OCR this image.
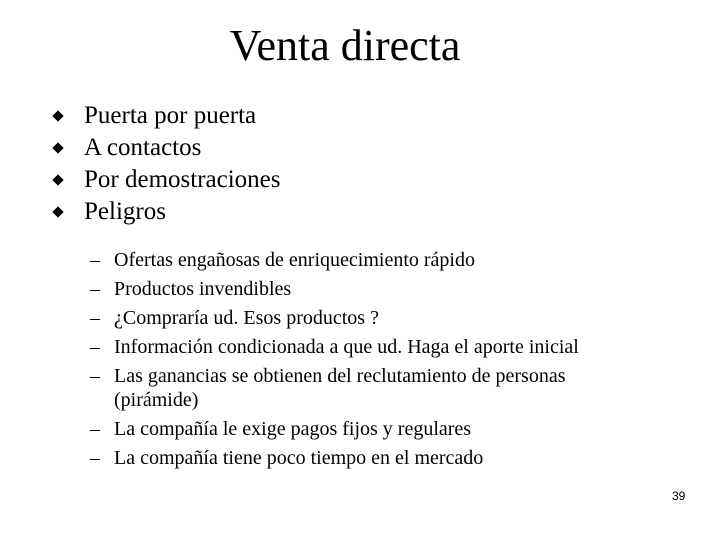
Venta directa
Puerta por puerta
A contactos
Por demostraciones
Peligros
– Ofertas engañosas de enriquecimiento rápido
– Productos invendibles
– ¿Compraría ud. Esos productos ?
– Información condicionada a que ud. Haga el aporte inicial
– Las ganancias se obtienen del reclutamiento de personas (pirámide)
– La compañía le exige pagos fijos y regulares
– La compañía tiene poco tiempo en el mercado
39
